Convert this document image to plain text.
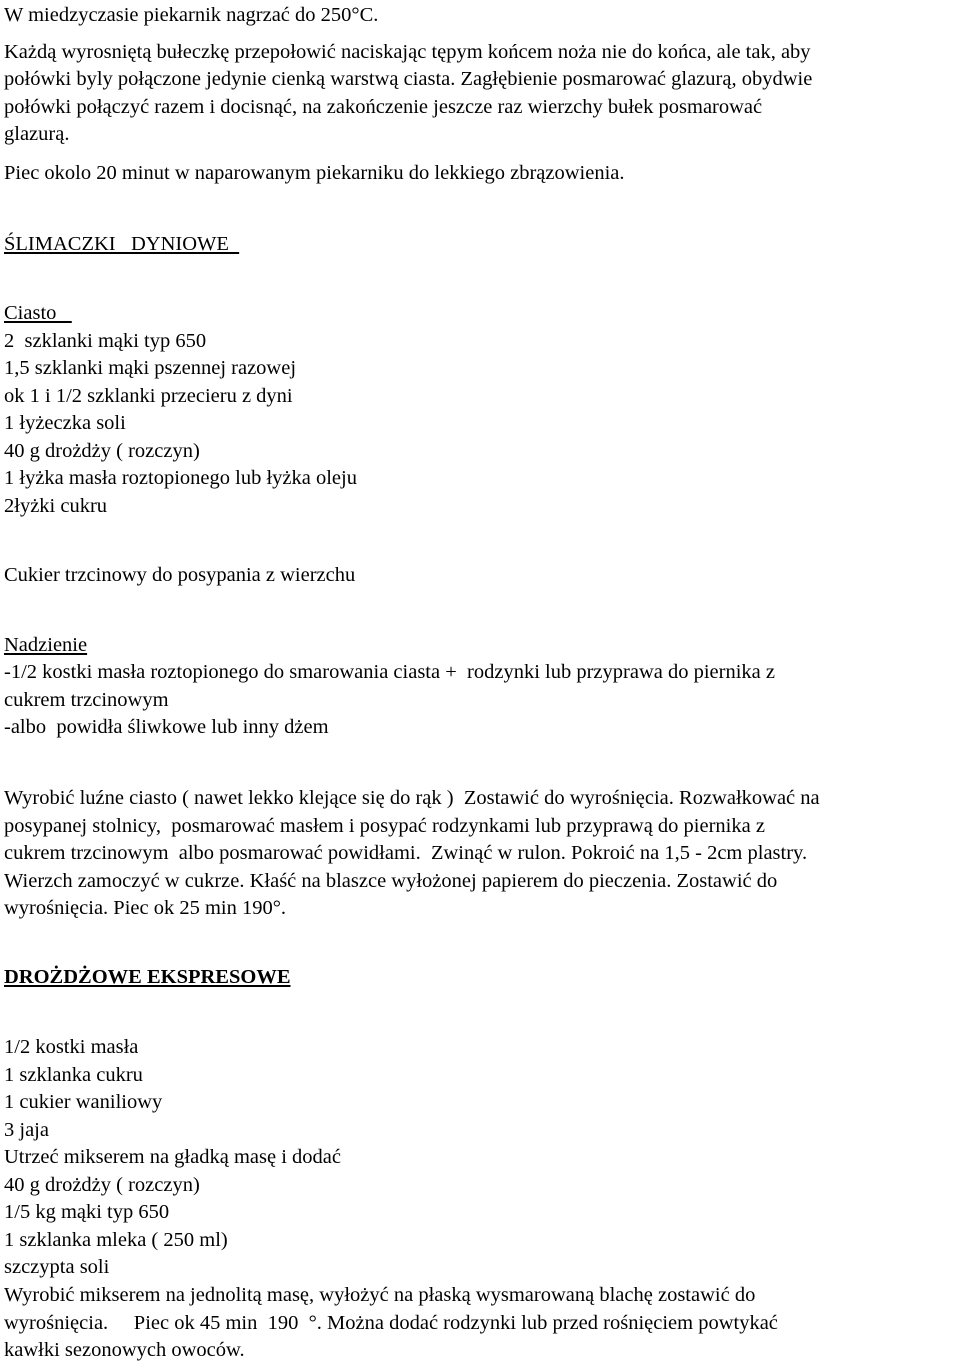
W miedzyczasie piekarnik nagrzać do 250°C.
Każdą wyrosniętą bułeczkę przepołowić naciskając tępym końcem noża nie do końca, ale tak, aby
połówki byly połączone jedynie cienką warstwą ciasta. Zagłębienie posmarować glazurą, obydwie
połówki połączyć razem i docisnąć, na zakończenie jeszcze raz wierzchy bułek posmarować
glazurą.
Piec okolo 20 minut w naparowanym piekarniku do lekkiego zbrązowienia.
ŚLIMACZKI   DYNIOWE
Ciasto
2  szklanki mąki typ 650
1,5 szklanki mąki pszennej razowej
ok 1 i 1/2 szklanki przecieru z dyni
1 łyżeczka soli
40 g drożdży ( rozczyn)
1 łyżka masła roztopionego lub łyżka oleju
2łyżki cukru
Cukier trzcinowy do posypania z wierzchu
Nadzienie
-1/2 kostki masła roztopionego do smarowania ciasta +  rodzynki lub przyprawa do piernika z
cukrem trzcinowym
-albo  powidła śliwkowe lub inny dżem
Wyrobić luźne ciasto ( nawet lekko klejące się do rąk )  Zostawić do wyrośnięcia. Rozwałkować na
posypanej stolnicy,  posmarować masłem i posypać rodzynkami lub przyprawą do piernika z
cukrem trzcinowym  albo posmarować powidłami.  Zwinąć w rulon. Pokroić na 1,5 - 2cm plastry.
Wierzch zamoczyć w cukrze. Kłaść na blaszce wyłożonej papierem do pieczenia. Zostawić do
wyrośnięcia. Piec ok 25 min 190°.
DROŻDŻOWE EKSPRESOWE
1/2 kostki masła
1 szklanka cukru
1 cukier waniliowy
3 jaja
Utrzeć mikserem na gładką masę i dodać
40 g drożdży ( rozczyn)
1/5 kg mąki typ 650
1 szklanka mleka ( 250 ml)
szczypta soli
Wyrobić mikserem na jednolitą masę, wyłożyć na płaską wysmarowaną blachę zostawić do
wyrośnięcia.     Piec ok 45 min  190  °. Można dodać rodzynki lub przed rośnięciem powtykać
kawłki sezonowych owoców.
